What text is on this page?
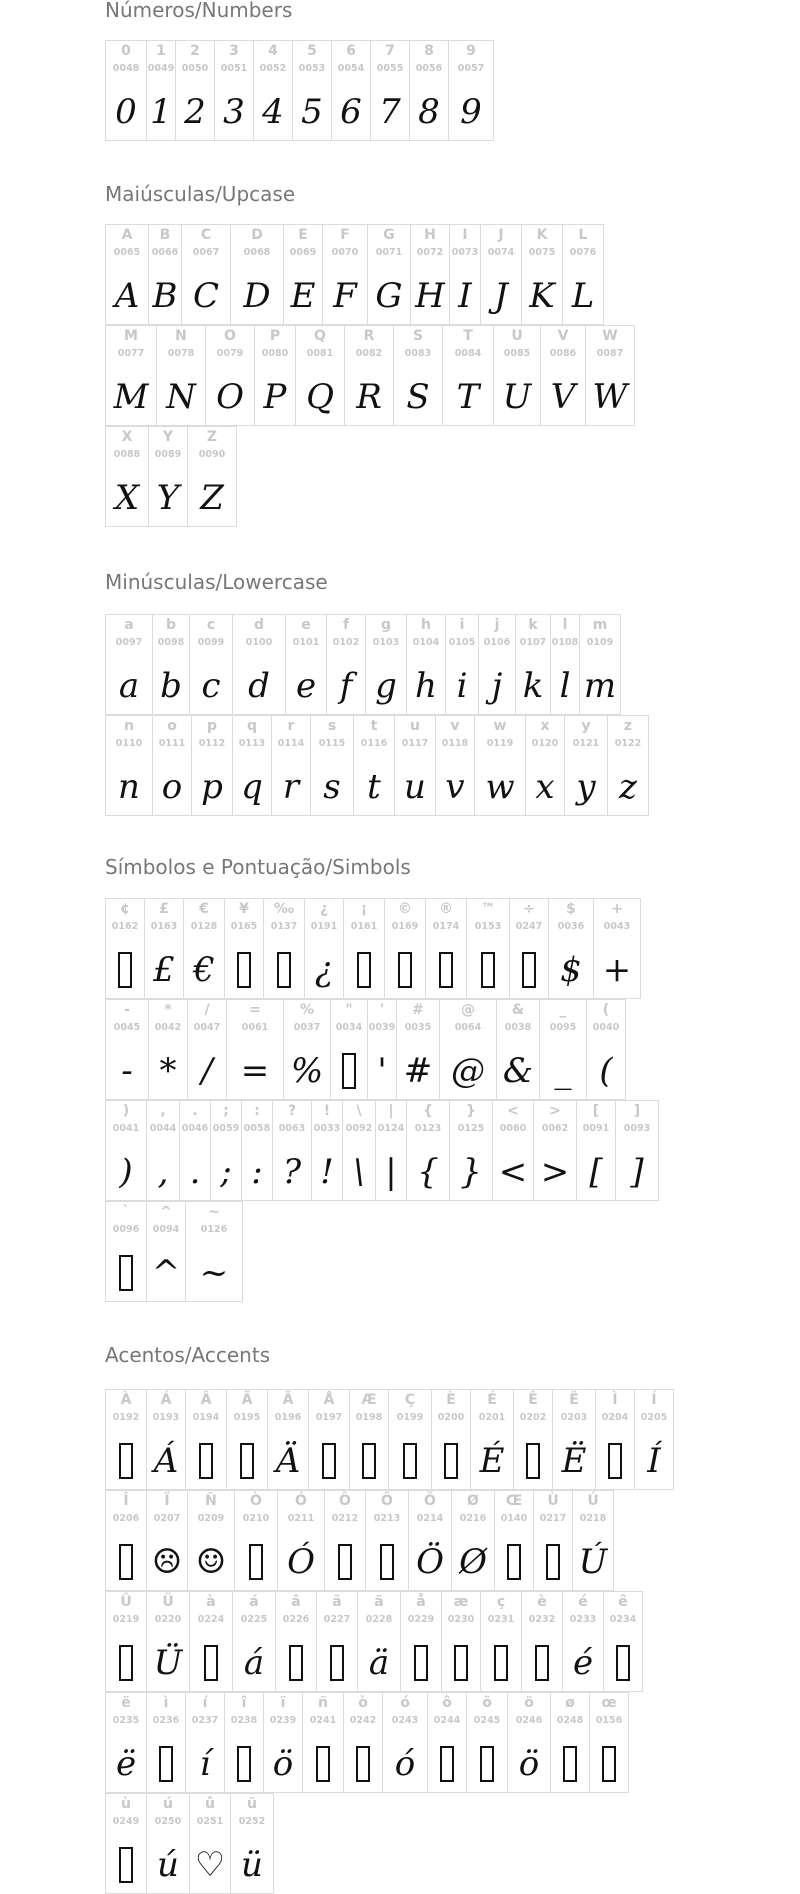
Números/Numbers
0
0048
0
1
0049
1
2
0050
2
3
0051
3
4
0052
4
5
0053
5
6
0054
6
7
0055
7
8
0056
8
9
0057
9
Maiúsculas/Upcase
A
0065
A
B
0066
B
C
0067
C
D
0068
D
E
0069
E
F
0070
F
G
0071
G
H
0072
H
I
0073
I
J
0074
J
K
0075
K
L
0076
L
M
0077
M
N
0078
N
O
0079
O
P
0080
P
Q
0081
Q
R
0082
R
S
0083
S
T
0084
T
U
0085
U
V
0086
V
W
0087
W
X
0088
X
Y
0089
Y
Z
0090
Z
Minúsculas/Lowercase
a
0097
a
b
0098
b
c
0099
c
d
0100
d
e
0101
e
f
0102
f
g
0103
g
h
0104
h
i
0105
i
j
0106
j
k
0107
k
l
0108
l
m
0109
m
n
0110
n
o
0111
o
p
0112
p
q
0113
q
r
0114
r
s
0115
s
t
0116
t
u
0117
u
v
0118
v
w
0119
w
x
0120
x
y
0121
y
z
0122
z
Símbolos e Pontuação/Simbols
¢
0162
£
0163
£
€
0128
€
¥
0165
‰
0137
¿
0191
¿
¡
0161
©
0169
®
0174
™
0153
÷
0247
$
0036
$
+
0043
+
-
0045
-
*
0042
*
/
0047
/
=
0061
=
%
0037
%
"
0034
'
0039
'
#
0035
#
@
0064
@
&
0038
&
_
0095
_
(
0040
(
)
0041
)
,
0044
,
.
0046
.
;
0059
;
:
0058
:
?
0063
?
!
0033
!
\
0092
\
|
0124
|
{
0123
{
}
0125
}
<
0060
<
>
0062
>
[
0091
[
]
0093
]
`
0096
^
0094
^
~
0126
~
Acentos/Accents
À
0192
Á
0193
Á
Â
0194
Ã
0195
Ä
0196
Ä
Å
0197
Æ
0198
Ç
0199
È
0200
É
0201
É
Ê
0202
Ë
0203
Ë
Ì
0204
Í
0205
Í
Î
0206
Ï
0207
☹
Ñ
0209
☺
Ò
0210
Ó
0211
Ó
Ô
0212
Õ
0213
Ö
0214
Ö
Ø
0216
Ø
Œ
0140
Ù
0217
Ú
0218
Ú
Û
0219
Ü
0220
Ü
à
0224
á
0225
á
â
0226
ã
0227
ä
0228
ä
å
0229
æ
0230
ç
0231
è
0232
é
0233
é
ê
0234
ë
0235
ë
ì
0236
í
0237
í
î
0238
ï
0239
ö
ñ
0241
ò
0242
ó
0243
ó
ô
0244
õ
0245
ö
0246
ö
ø
0248
œ
0156
ù
0249
ú
0250
ú
û
0251
♡
ü
0252
ü
